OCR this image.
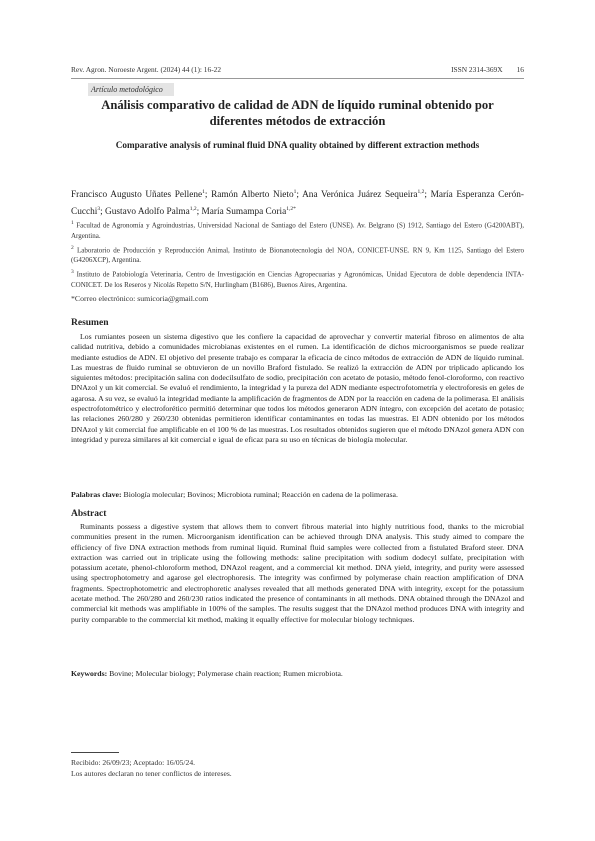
Rev. Agron. Noroeste Argent. (2024) 44 (1): 16-22	ISSN 2314-369X 16
Artículo metodológico
Análisis comparativo de calidad de ADN de líquido ruminal obtenido por diferentes métodos de extracción
Comparative analysis of ruminal fluid DNA quality obtained by different extraction methods
Francisco Augusto Uñates Pellene$^1$; Ramón Alberto Nieto$^1$; Ana Verónica Juárez Sequeira$^{1,2}$; María Esperanza Cerón-Cucchi$^3$; Gustavo Adolfo Palma$^{1,2}$; María Sumampa Coria$^{1,2*}$

$^1$ Facultad de Agronomía y Agroindustrias, Universidad Nacional de Santiago del Estero (UNSE). Av. Belgrano (S) 1912, Santiago del Estero (G4200ABT), Argentina.

$^2$ Laboratorio de Producción y Reproducción Animal, Instituto de Bionanotecnología del NOA, CONICET-UNSE. RN 9, Km 1125, Santiago del Estero (G4206XCP), Argentina.

$^3$ Instituto de Patobiología Veterinaria, Centro de Investigación en Ciencias Agropecuarias y Agronómicas, Unidad Ejecutora de doble dependencia INTA-CONICET. De los Reseros y Nicolás Repetto S/N, Hurlingham (B1686), Buenos Aires, Argentina.

*Correo electrónico: sumicoria@gmail.com
Resumen

Los rumiantes poseen un sistema digestivo que les confiere la capacidad de aprovechar y convertir material fibroso en alimentos de alta calidad nutritiva, debido a comunidades microbianas existentes en el rumen. La identificación de dichos microorganismos se puede realizar mediante estudios de ADN. El objetivo del presente trabajo es comparar la eficacia de cinco métodos de extracción de ADN de líquido ruminal. Las muestras de fluido ruminal se obtuvieron de un novillo Braford fistulado. Se realizó la extracción de ADN por triplicado aplicando los siguientes métodos: precipitación salina con dodecilsulfato de sodio, precipitación con acetato de potasio, método fenol-cloroformo, con reactivo DNAzol y un kit comercial. Se evaluó el rendimiento, la integridad y la pureza del ADN mediante espectrofotometría y electroforesis en geles de agarosa. A su vez, se evaluó la integridad mediante la amplificación de fragmentos de ADN por la reacción en cadena de la polimerasa. El análisis espectrofotométrico y electroforético permitió determinar que todos los métodos generaron ADN íntegro, con excepción del acetato de potasio; las relaciones 260/280 y 260/230 obtenidas permitieron identificar contaminantes en todas las muestras. El ADN obtenido por los métodos DNAzol y kit comercial fue amplificable en el 100 % de las muestras. Los resultados obtenidos sugieren que el método DNAzol genera ADN con integridad y pureza similares al kit comercial e igual de eficaz para su uso en técnicas de biología molecular.

Palabras clave: Biología molecular; Bovinos; Microbiota ruminal; Reacción en cadena de la polimerasa.

Abstract

Ruminants possess a digestive system that allows them to convert fibrous material into highly nutritious food, thanks to the microbial communities present in the rumen. Microorganism identification can be achieved through DNA analysis. This study aimed to compare the efficiency of five DNA extraction methods from ruminal liquid. Ruminal fluid samples were collected from a fistulated Braford steer. DNA extraction was carried out in triplicate using the following methods: saline precipitation with sodium dodecyl sulfate, precipitation with potassium acetate, phenol-chloroform method, DNAzol reagent, and a commercial kit method. DNA yield, integrity, and purity were assessed using spectrophotometry and agarose gel electrophoresis. The integrity was confirmed by polymerase chain reaction amplification of DNA fragments. Spectrophotometric and electrophoretic analyses revealed that all methods generated DNA with integrity, except for the potassium acetate method. The 260/280 and 260/230 ratios indicated the presence of contaminants in all methods. DNA obtained through the DNAzol and commercial kit methods was amplifiable in 100% of the samples. The results suggest that the DNAzol method produces DNA with integrity and purity comparable to the commercial kit method, making it equally effective for molecular biology techniques.

Keywords: Bovine; Molecular biology; Polymerase chain reaction; Rumen microbiota.

Recibido: 26/09/23; Aceptado: 16/05/24.
Los autores declaran no tener conflictos de intereses.
